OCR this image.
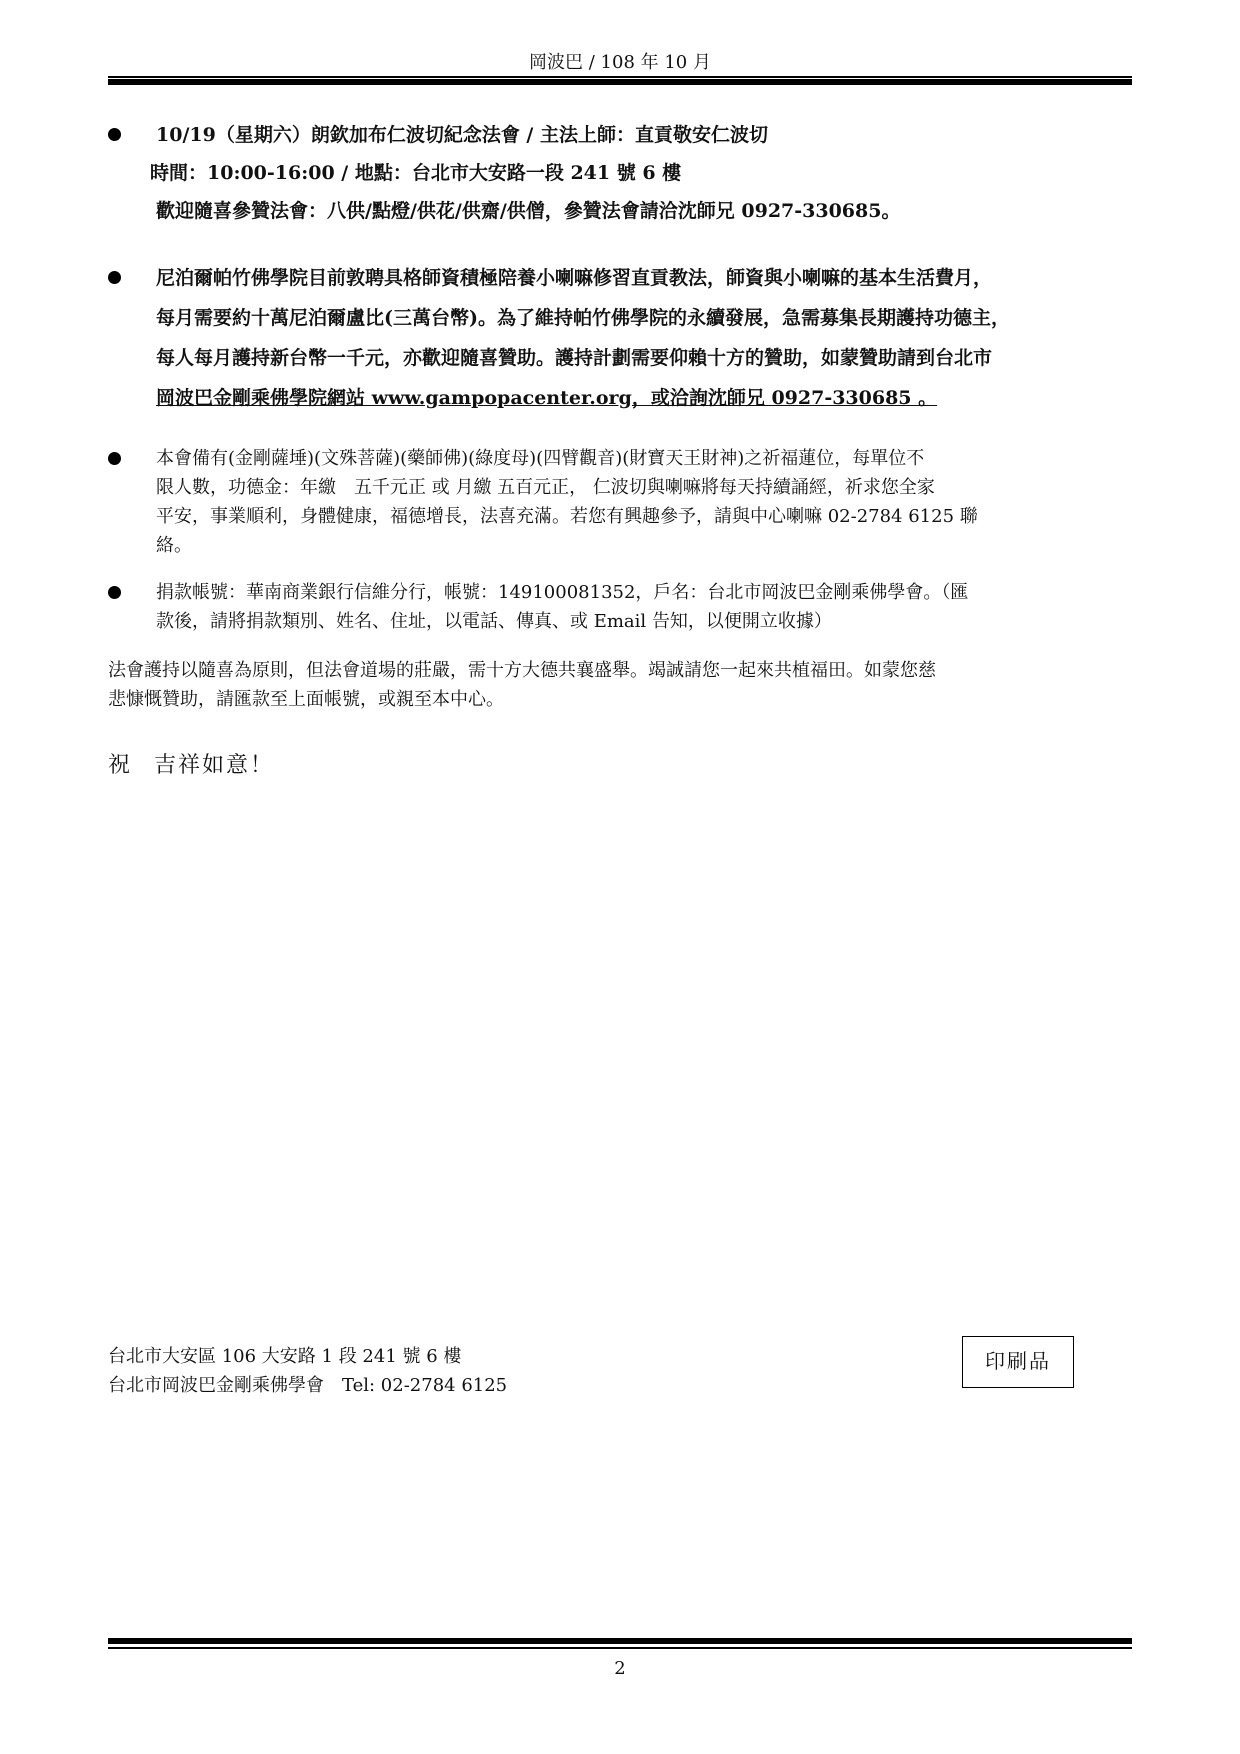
岡波巴 / 108 年 10 月
10/19（星期六）朗欽加布仁波切紀念法會 / 主法上師：直貢敬安仁波切
時間：10:00-16:00 / 地點：台北市大安路一段 241 號 6 樓
歡迎隨喜參贊法會：八供/點燈/供花/供齋/供僧，參贊法會請洽沈師兄 0927-330685。
尼泊爾帕竹佛學院目前敦聘具格師資積極陪養小喇嘛修習直貢教法，師資與小喇嘛的基本生活費月，
每月需要約十萬尼泊爾盧比(三萬台幣)。為了維持帕竹佛學院的永續發展，急需募集長期護持功德主，
每人每月護持新台幣一千元，亦歡迎隨喜贊助。護持計劃需要仰賴十方的贊助，如蒙贊助請到台北市
岡波巴金剛乘佛學院網站 www.gampopacenter.org，或洽詢沈師兄 0927-330685 。
本會備有(金剛薩埵)(文殊菩薩)(藥師佛)(綠度母)(四臂觀音)(財寶天王財神)之祈福蓮位，每單位不
限人數，功德金：年繳　五千元正 或 月繳 五百元正， 仁波切與喇嘛將每天持續誦經，祈求您全家
平安，事業順利，身體健康，福德增長，法喜充滿。若您有興趣參予，請與中心喇嘛 02-2784 6125 聯
絡。
捐款帳號：華南商業銀行信維分行，帳號：149100081352，戶名：台北市岡波巴金剛乘佛學會。（匯
款後，請將捐款類別、姓名、住址，以電話、傳真、或 Email 告知，以便開立收據）
法會護持以隨喜為原則，但法會道場的莊嚴，需十方大德共襄盛舉。竭誠請您一起來共植福田。如蒙您慈
悲慷慨贊助，請匯款至上面帳號，或親至本中心。
祝 吉祥如意！
台北市大安區 106 大安路 1 段 241 號 6 樓
台北市岡波巴金剛乘佛學會　Tel: 02-2784 6125
印刷品
2
